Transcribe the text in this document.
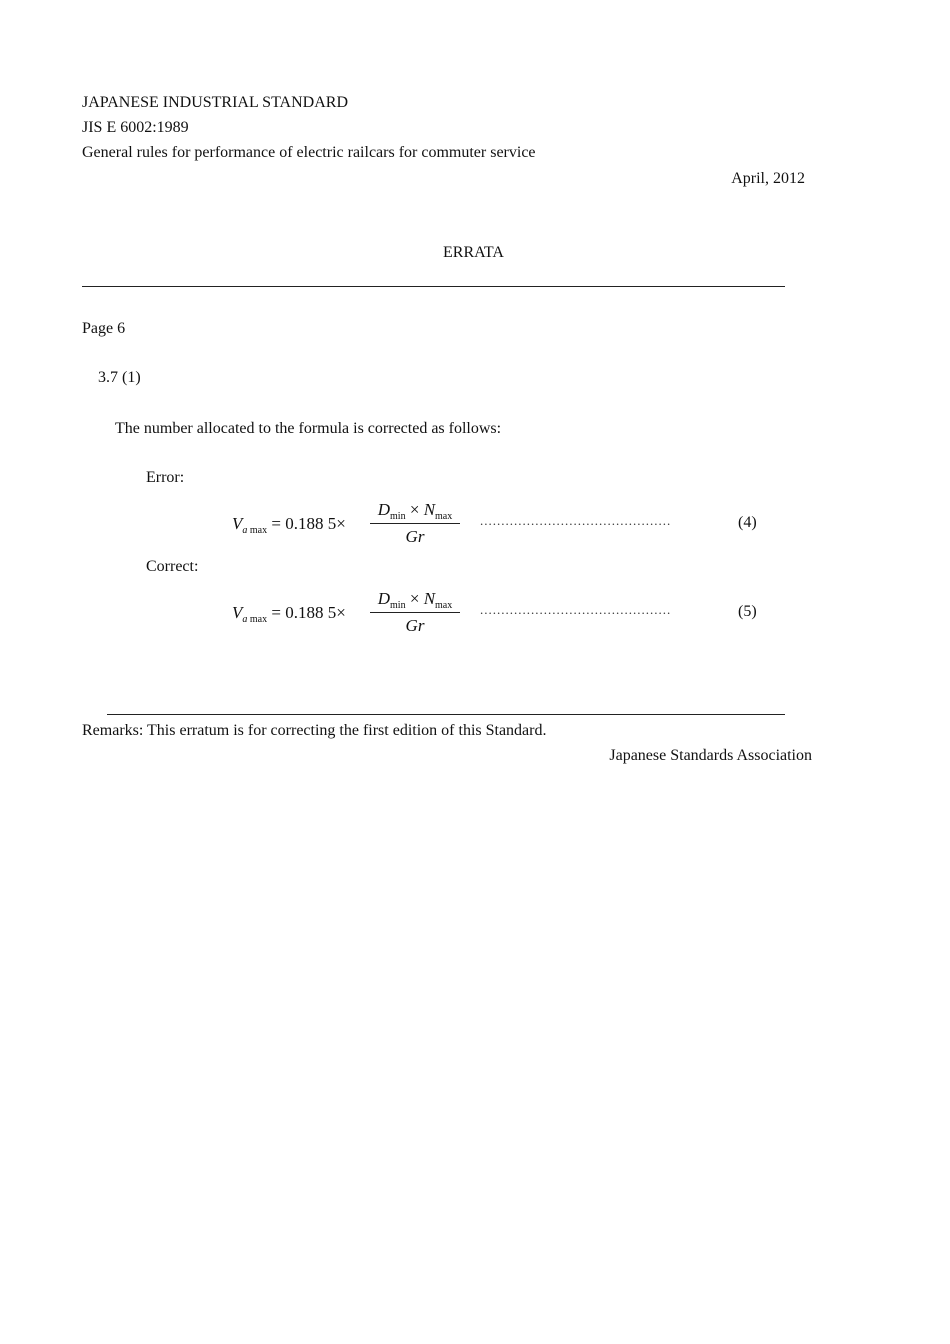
JAPANESE INDUSTRIAL STANDARD
JIS E 6002:1989
General rules for performance of electric railcars for commuter service
April, 2012
ERRATA
Page 6
3.7 (1)
The number allocated to the formula is corrected as follows:
Error:
$V_{a max} = 0.188$ 5×
$D_{min} \times N_{max}$
Gr
.............................................	(4)
Correct:
$V_{a max} = 0.188$ 5×
$D_{min} \times N_{max}$
Gr
.............................................	(5)
Remarks: This erratum is for correcting the first edition of this Standard.
Japanese Standards Association
